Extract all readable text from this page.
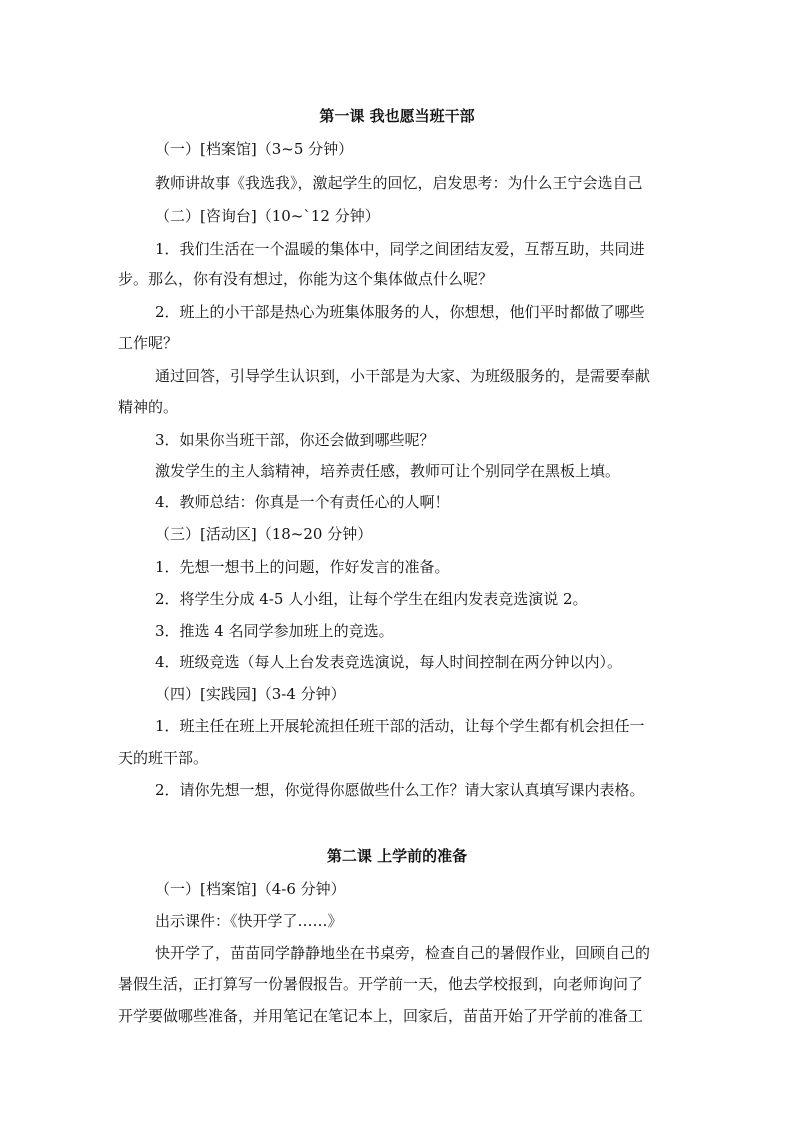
第一课 我也愿当班干部
（一）[档案馆]（3~5 分钟）
教师讲故事《我选我》，激起学生的回忆，启发思考：为什么王宁会选自己
（二）[咨询台]（10~`12 分钟）
1．我们生活在一个温暖的集体中，同学之间团结友爱，互帮互助，共同进
步。那么，你有没有想过，你能为这个集体做点什么呢？
2．班上的小干部是热心为班集体服务的人，你想想，他们平时都做了哪些
工作呢？
通过回答，引导学生认识到，小干部是为大家、为班级服务的，是需要奉献
精神的。
3．如果你当班干部，你还会做到哪些呢？
激发学生的主人翁精神，培养责任感，教师可让个别同学在黑板上填。
4．教师总结：你真是一个有责任心的人啊！
（三）[活动区]（18~20 分钟）
1．先想一想书上的问题，作好发言的准备。
2．将学生分成 4-5 人小组，让每个学生在组内发表竞选演说 2。
3．推选 4 名同学参加班上的竞选。
4．班级竞选（每人上台发表竞选演说，每人时间控制在两分钟以内）。
（四）[实践园]（3-4 分钟）
1．班主任在班上开展轮流担任班干部的活动，让每个学生都有机会担任一
天的班干部。
2．请你先想一想，你觉得你愿做些什么工作？请大家认真填写课内表格。
第二课 上学前的准备
（一）[档案馆]（4-6 分钟）
出示课件：《快开学了……》
快开学了，苗苗同学静静地坐在书桌旁，检查自己的暑假作业，回顾自己的
暑假生活，正打算写一份暑假报告。开学前一天，他去学校报到，向老师询问了
开学要做哪些准备，并用笔记在笔记本上，回家后，苗苗开始了开学前的准备工
